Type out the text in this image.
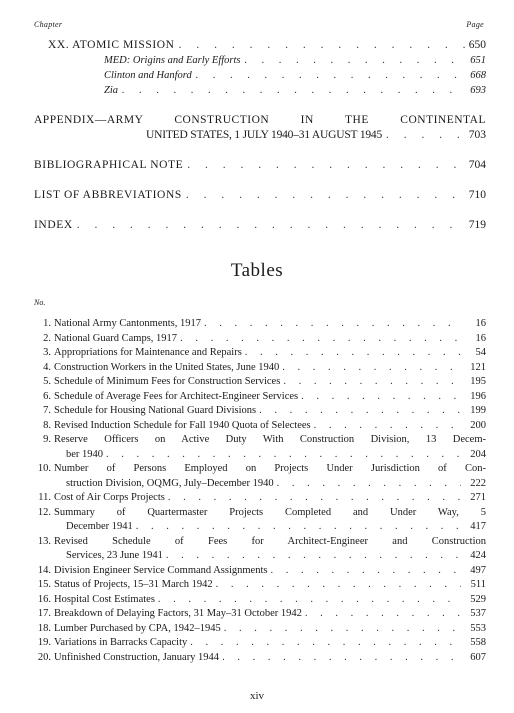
Chapter	Page
XX. ATOMIC MISSION . . .	650
MED: Origins and Early Efforts . . .	651
Clinton and Hanford . . .	668
Zia . . .	693
APPENDIX—ARMY CONSTRUCTION IN THE CONTINENTAL
UNITED STATES, 1 JULY 1940–31 AUGUST 1945 . . .	703
BIBLIOGRAPHICAL NOTE . . .	704
LIST OF ABBREVIATIONS . . .	710
INDEX . . .	719
Tables
No.
1. National Army Cantonments, 1917 . . .	16
2. National Guard Camps, 1917 . . .	16
3. Appropriations for Maintenance and Repairs . . .	54
4. Construction Workers in the United States, June 1940 . . .	121
5. Schedule of Minimum Fees for Construction Services . . .	195
6. Schedule of Average Fees for Architect-Engineer Services . . .	196
7. Schedule for Housing National Guard Divisions . . .	199
8. Revised Induction Schedule for Fall 1940 Quota of Selectees . . .	200
9. Reserve Officers on Active Duty With Construction Division, 13 Decem-
ber 1940 . . .	204
10. Number of Persons Employed on Projects Under Jurisdiction of Con-
struction Division, OQMG, July–December 1940 . . .	222
11. Cost of Air Corps Projects . . .	271
12. Summary of Quartermaster Projects Completed and Under Way, 5
December 1941 . . .	417
13. Revised Schedule of Fees for Architect-Engineer and Construction
Services, 23 June 1941 . . .	424
14. Division Engineer Service Command Assignments . . .	497
15. Status of Projects, 15–31 March 1942 . . .	511
16. Hospital Cost Estimates . . .	529
17. Breakdown of Delaying Factors, 31 May–31 October 1942 . . .	537
18. Lumber Purchased by CPA, 1942–1945 . . .	553
19. Variations in Barracks Capacity . . .	558
20. Unfinished Construction, January 1944 . . .	607
xiv
